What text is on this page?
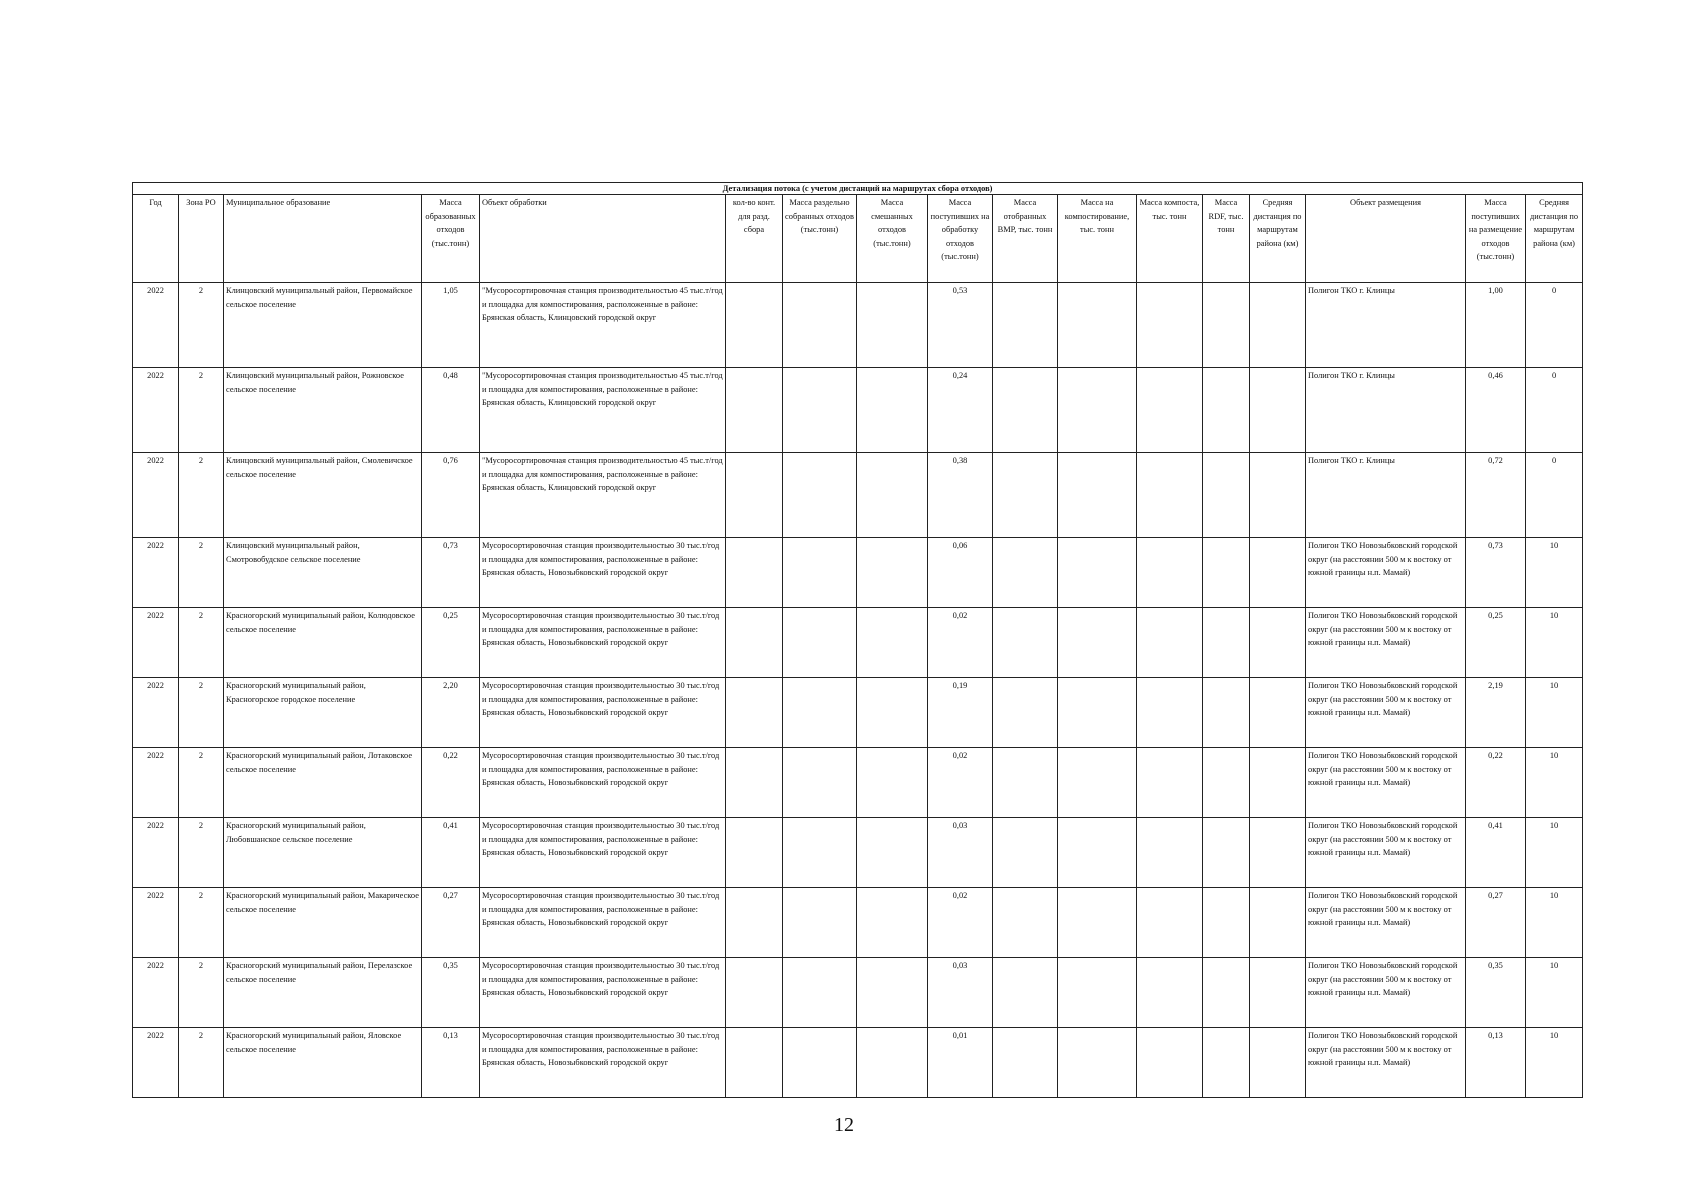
Детализация потока (с учетом дистанций на маршрутах сбора отходов)																
Год	Зона РО	Муниципальное образование	Масса образованных отходов (тыс.тонн)	Объект обработки	кол-во конт. для разд. сбора	Масса раздельно собранных отходов (тыс.тонн)	Масса смешанных отходов (тыс.тонн)	Масса поступивших на обработку отходов (тыс.тонн)	Масса отобранных ВМР, тыс. тонн	Масса на компостирование, тыс. тонн	Масса компоста, тыс. тонн	Масса RDF, тыс. тонн	Средняя дистанция по маршрутам района (км)	Объект размещения	Масса поступивших на размещение отходов (тыс.тонн)	Средняя дистанция по маршрутам района (км)
2022	2	Клинцовский муниципальный район, Первомайское сельское поселение	1,05	"Мусоросортировочная станция производительностью 45 тыс.т/год и площадка для компостирования, расположенные в районе: Брянская область, Клинцовский городской округ				0,53						Полигон ТКО г. Клинцы	1,00	0
2022	2	Клинцовский муниципальный район, Рожновское сельское поселение	0,48	"Мусоросортировочная станция производительностью 45 тыс.т/год и площадка для компостирования, расположенные в районе: Брянская область, Клинцовский городской округ				0,24						Полигон ТКО г. Клинцы	0,46	0
2022	2	Клинцовский муниципальный район, Смолевичское сельское поселение	0,76	"Мусоросортировочная станция производительностью 45 тыс.т/год и площадка для компостирования, расположенные в районе: Брянская область, Клинцовский городской округ				0,38						Полигон ТКО г. Клинцы	0,72	0
2022	2	Клинцовский муниципальный район, Смотровобудское сельское поселение	0,73	Мусоросортировочная станция производительностью 30 тыс.т/год и площадка для компостирования, расположенные в районе: Брянская область, Новозыбковский городской округ				0,06						Полигон ТКО Новозыбковский городской округ (на расстоянии 500 м к востоку от южной границы н.п. Мамай)	0,73	10
2022	2	Красногорский муниципальный район, Колюдовское сельское поселение	0,25	Мусоросортировочная станция производительностью 30 тыс.т/год и площадка для компостирования, расположенные в районе: Брянская область, Новозыбковский городской округ				0,02						Полигон ТКО Новозыбковский городской округ (на расстоянии 500 м к востоку от южной границы н.п. Мамай)	0,25	10
2022	2	Красногорский муниципальный район, Красногорское городское поселение	2,20	Мусоросортировочная станция производительностью 30 тыс.т/год и площадка для компостирования, расположенные в районе: Брянская область, Новозыбковский городской округ				0,19						Полигон ТКО Новозыбковский городской округ (на расстоянии 500 м к востоку от южной границы н.п. Мамай)	2,19	10
2022	2	Красногорский муниципальный район, Лотаковское сельское поселение	0,22	Мусоросортировочная станция производительностью 30 тыс.т/год и площадка для компостирования, расположенные в районе: Брянская область, Новозыбковский городской округ				0,02						Полигон ТКО Новозыбковский городской округ (на расстоянии 500 м к востоку от южной границы н.п. Мамай)	0,22	10
2022	2	Красногорский муниципальный район, Любовшанское сельское поселение	0,41	Мусоросортировочная станция производительностью 30 тыс.т/год и площадка для компостирования, расположенные в районе: Брянская область, Новозыбковский городской округ				0,03						Полигон ТКО Новозыбковский городской округ (на расстоянии 500 м к востоку от южной границы н.п. Мамай)	0,41	10
2022	2	Красногорский муниципальный район, Макарическое сельское поселение	0,27	Мусоросортировочная станция производительностью 30 тыс.т/год и площадка для компостирования, расположенные в районе: Брянская область, Новозыбковский городской округ				0,02						Полигон ТКО Новозыбковский городской округ (на расстоянии 500 м к востоку от южной границы н.п. Мамай)	0,27	10
2022	2	Красногорский муниципальный район, Перелазское сельское поселение	0,35	Мусоросортировочная станция производительностью 30 тыс.т/год и площадка для компостирования, расположенные в районе: Брянская область, Новозыбковский городской округ				0,03						Полигон ТКО Новозыбковский городской округ (на расстоянии 500 м к востоку от южной границы н.п. Мамай)	0,35	10
2022	2	Красногорский муниципальный район, Яловское сельское поселение	0,13	Мусоросортировочная станция производительностью 30 тыс.т/год и площадка для компостирования, расположенные в районе: Брянская область, Новозыбковский городской округ				0,01						Полигон ТКО Новозыбковский городской округ (на расстоянии 500 м к востоку от южной границы н.п. Мамай)	0,13	10
12
